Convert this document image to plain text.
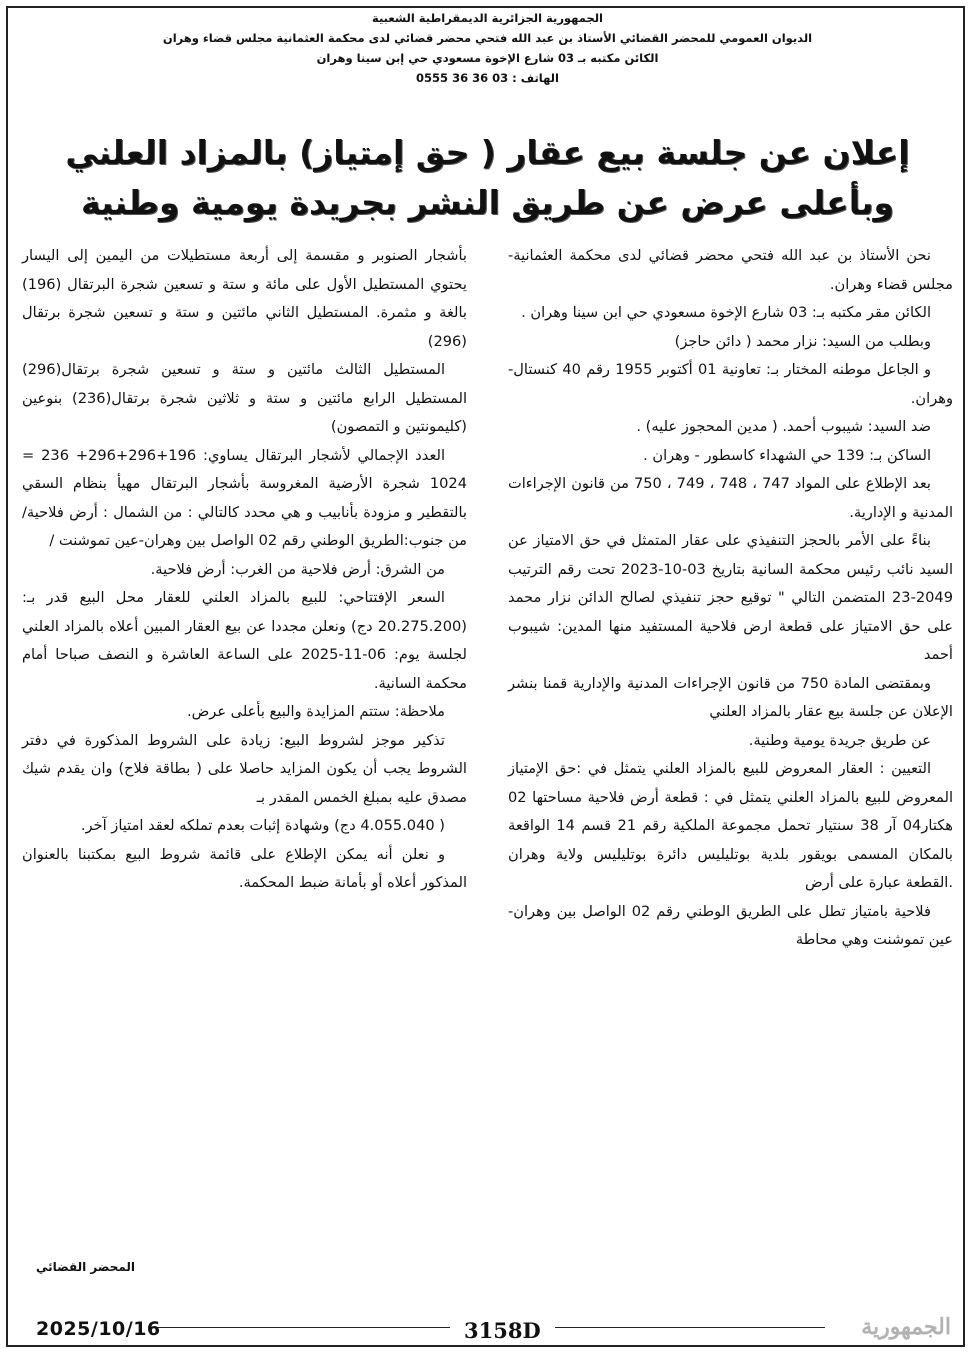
الجمهورية الجزائرية الديمقراطية الشعبية
الديوان العمومي للمحضر القضائي الأستاذ بن عبد الله فتحي محضر قضائي لدى محكمة العثمانية مجلس قضاء وهران
الكائن مكتبه بـ 03 شارع الإخوة مسعودي حي إبن سينا وهران
الهاتف : 03 36 36 0555
إعلان عن جلسة بيع عقار ( حق إمتياز) بالمزاد العلني
وبأعلى عرض عن طريق النشر بجريدة يومية وطنية

نحن الأستاذ بن عبد الله فتحي محضر قضائي لدى محكمة العثمانية-مجلس قضاء وهران.

الكائن مقر مكتبه بـ: 03 شارع الإخوة مسعودي حي ابن سينا وهران .

وبطلب من السيد: نزار محمد ( دائن حاجز)

و الجاعل موطنه المختار بـ: تعاونية 01 أكتوبر 1955 رقم 40 كنستال-وهران.

ضد السيد: شيبوب أحمد. ( مدين المحجوز عليه) .

الساكن بـ: 139 حي الشهداء كاسطور - وهران .

بعد الإطلاع على المواد 747 ، 748 ، 749 ، 750 من قانون الإجراءات المدنية و الإدارية.

بناءً على الأمر بالحجز التنفيذي على عقار المتمثل في حق الامتياز عن السيد نائب رئيس محكمة السانية بتاريخ 03-10-2023 تحت رقم الترتيب 2049-23 المتضمن التالي " توقيع حجز تنفيذي لصالح الدائن نزار محمد على حق الامتياز على قطعة ارض فلاحية المستفيد منها المدين: شيبوب أحمد

وبمقتضى المادة 750 من قانون الإجراءات المدنية والإدارية قمنا بنشر الإعلان عن جلسة بيع عقار بالمزاد العلني

عن طريق جريدة يومية وطنية.

التعيين : العقار المعروض للبيع بالمزاد العلني يتمثل في :حق الإمتياز المعروض للبيع بالمزاد العلني يتمثل في : قطعة أرض فلاحية مساحتها 02 هكتار04 آر 38 سنتيار تحمل مجموعة الملكية رقم 21 قسم 14 الواقعة بالمكان المسمى بويقور بلدية بوتليليس دائرة بوتليليس ولاية وهران .القطعة عبارة على أرض

فلاحية بامتياز تطل على الطريق الوطني رقم 02 الواصل بين وهران-عين تموشنت وهي محاطة

بأشجار الصنوبر و مقسمة إلى أربعة مستطيلات من اليمين إلى اليسار يحتوي المستطيل الأول على مائة و ستة و تسعين شجرة البرتقال (196) بالغة و مثمرة. المستطيل الثاني مائتين و ستة و تسعين شجرة برتقال (296)

المستطيل الثالث مائتين و ستة و تسعين شجرة برتقال(296) المستطيل الرابع مائتين و ستة و ثلاثين شجرة برتقال(236) بنوعين (كليمونتين و التمصون)

العدد الإجمالي لأشجار البرتقال يساوي: 196+296+296+ 236 = 1024 شجرة الأرضية المغروسة بأشجار البرتقال مهيأ بنظام السقي بالتقطير و مزودة بأنابيب و هي محدد كالتالي : من الشمال : أرض فلاحية/ من جنوب:الطريق الوطني رقم 02 الواصل بين وهران-عين تموشنت /

من الشرق: أرض فلاحية من الغرب: أرض فلاحية.

السعر الإفتتاحي: للبيع بالمزاد العلني للعقار محل البيع قدر بـ: (20.275.200 دج) ونعلن مجددا عن بيع العقار المبين أعلاه بالمزاد العلني لجلسة يوم: 06-11-2025 على الساعة العاشرة و النصف صباحا أمام محكمة السانية.

ملاحظة: ستتم المزايدة والبيع بأعلى عرض.

تذكير موجز لشروط البيع: زيادة على الشروط المذكورة في دفتر الشروط يجب أن يكون المزايد حاصلا على ( بطاقة فلاح) وان يقدم شيك مصدق عليه بمبلغ الخمس المقدر بـ

( 4.055.040 دج) وشهادة إثبات بعدم تملكه لعقد امتياز آخر.

و نعلن أنه يمكن الإطلاع على قائمة شروط البيع بمكتبنا بالعنوان المذكور أعلاه أو بأمانة ضبط المحكمة.

المحضر القضائي
2025/10/16	3158D	الجمهورية
